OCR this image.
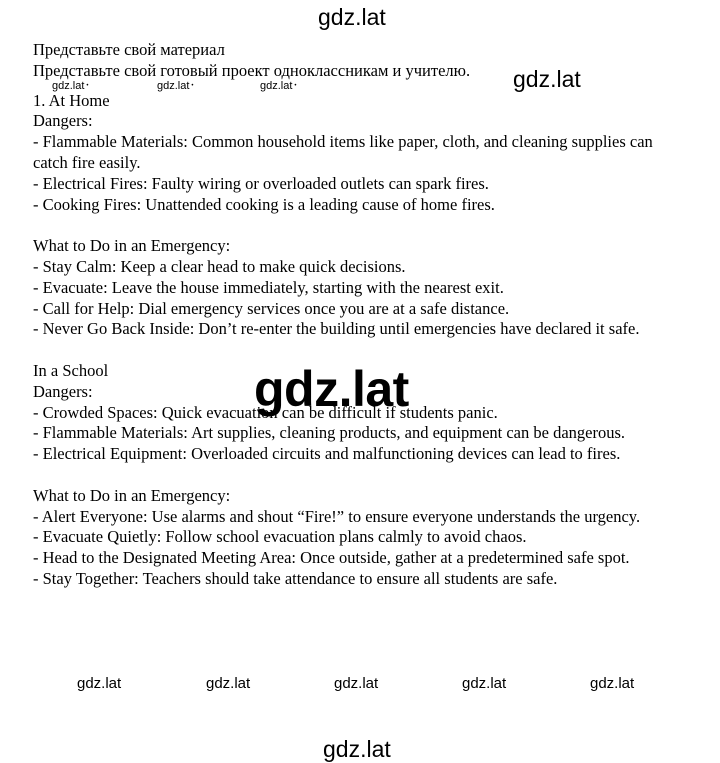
gdz.lat
gdz.lat
gdz.lat •	gdz.lat •	gdz.lat •
gdz.lat
gdz.lat	gdz.lat	gdz.lat	gdz.lat	gdz.lat
gdz.lat

Представьте свой материал

Представьте свой готовый проект одноклассникам и учителю.

1. At Home

Dangers:

- Flammable Materials: Common household items like paper, cloth, and cleaning supplies can catch fire easily.

- Electrical Fires: Faulty wiring or overloaded outlets can spark fires.

- Cooking Fires: Unattended cooking is a leading cause of home fires.

What to Do in an Emergency:

- Stay Calm: Keep a clear head to make quick decisions.

- Evacuate: Leave the house immediately, starting with the nearest exit.

- Call for Help: Dial emergency services once you are at a safe distance.

- Never Go Back Inside: Don’t re-enter the building until emergencies have declared it safe.

In a School

Dangers:

- Crowded Spaces: Quick evacuation can be difficult if students panic.

- Flammable Materials: Art supplies, cleaning products, and equipment can be dangerous.

- Electrical Equipment: Overloaded circuits and malfunctioning devices can lead to fires.

What to Do in an Emergency:

- Alert Everyone: Use alarms and shout “Fire!” to ensure everyone understands the urgency.

- Evacuate Quietly: Follow school evacuation plans calmly to avoid chaos.

- Head to the Designated Meeting Area: Once outside, gather at a predetermined safe spot.

- Stay Together: Teachers should take attendance to ensure all students are safe.
